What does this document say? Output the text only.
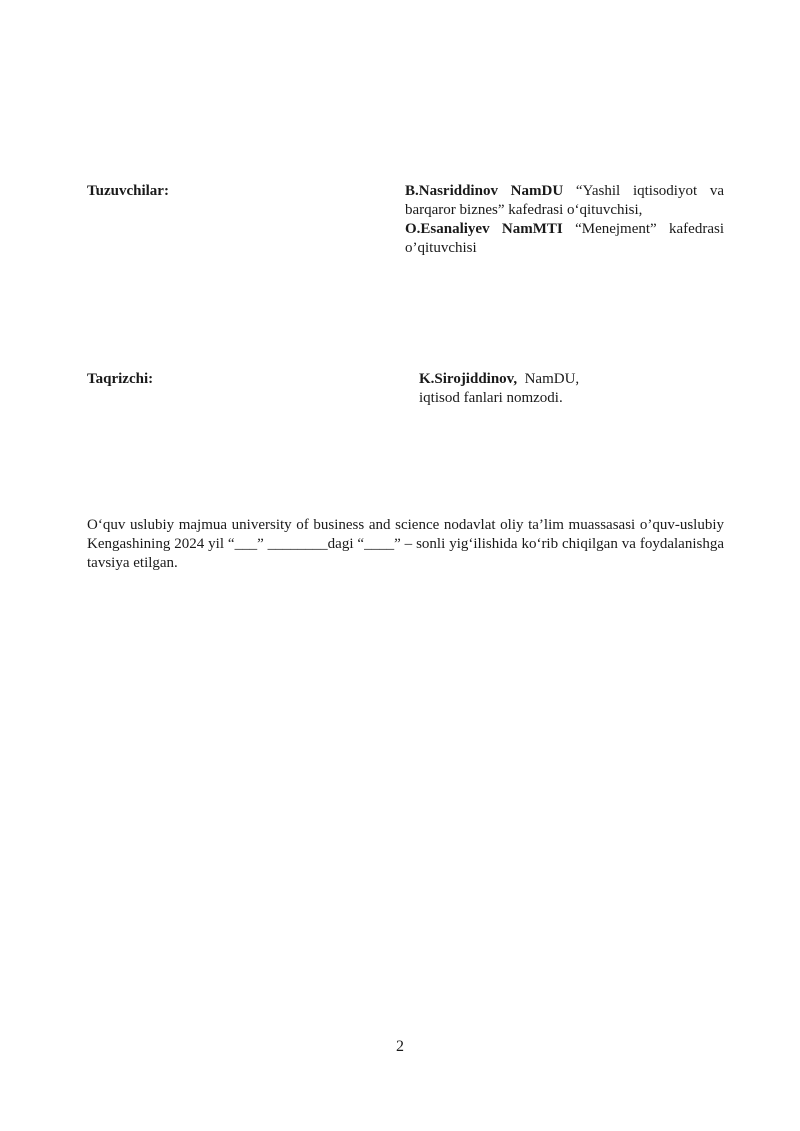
Tuzuvchilar:	B.Nasriddinov NamDU “Yashil iqtisodiyot va barqaror biznes” kafedrasi o‘qituvchisi,

O.Esanaliyev NamMTI “Menejment” kafedrasi o’qituvchisi

Taqrizchi:	K.Sirojiddinov,  NamDU,

iqtisod fanlari nomzodi.

O‘quv uslubiy majmua university of business and science nodavlat oliy ta’lim muassasasi o’quv-uslubiy Kengashining 2024 yil “___” ________dagi “____” – sonli yig‘ilishida ko‘rib chiqilgan va foydalanishga tavsiya etilgan.

2
